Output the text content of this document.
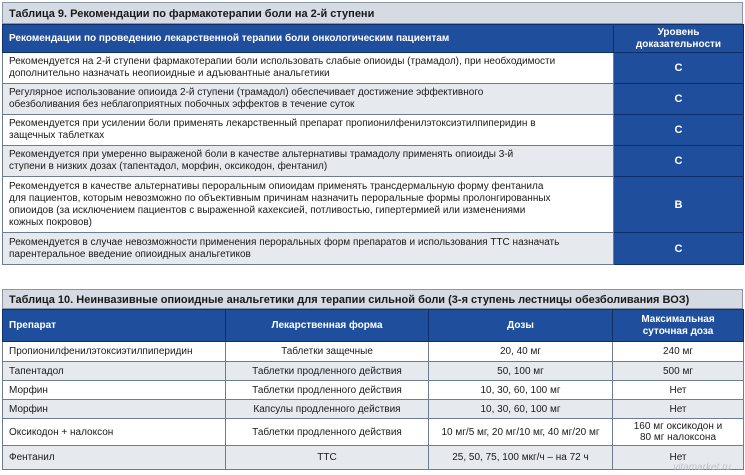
Таблица 9. Рекомендации по фармакотерапии боли на 2-й ступени
Рекомендации по проведению лекарственной терапии боли онкологическим пациентам	Уровень
доказательности

Рекомендуется на 2-й ступени фармакотерапии боли использовать слабые опиоиды (трамадол), при необходимости
дополнительно назначать неопиоидные и адъювантные анальгетики	C

Регулярное использование опиоида 2-й ступени (трамадол) обеспечивает достижение эффективного
обезболивания без неблагоприятных побочных эффектов в течение суток	C

Рекомендуется при усилении боли применять лекарственный препарат пропионилфенилэтоксиэтилпиперидин в
защечных таблетках	C

Рекомендуется при умеренно выраженой боли в качестве альтернативы трамадолу применять опиоиды 3-й
ступени в низких дозах (тапентадол, морфин, оксикодон, фентанил)	C

Рекомендуется в качестве альтернативы пероральным опиоидам применять трансдермальную форму фентанила
для пациентов, которым невозможно по объективным причинам назначить пероральные формы пролонгированных
опиоидов (за исключением пациентов с выраженной кахексией, потливостью, гипертермией или изменениями
кожных покровов)	B

Рекомендуется в случае невозможности применения пероральных форм препаратов и использования ТТС назначать
парентеральное введение опиоидных анальгетиков	C
Таблица 10. Неинвазивные опиоидные анальгетики для терапии сильной боли (3-я ступень лестницы обезболивания ВОЗ)
Препарат	Лекарственная форма	Дозы	Максимальная
суточная доза

Пропионилфенилэтоксиэтилпиперидин	Таблетки защечные	20, 40 мг	240 мг
Тапентадол	Таблетки продленного действия	50, 100 мг	500 мг
Морфин	Таблетки продленного действия	10, 30, 60, 100 мг	Нет
Морфин	Капсулы продленного действия	10, 30, 60, 100 мг	Нет
Оксикодон + налоксон	Таблетки продленного действия	10 мг/5 мг, 20 мг/10 мг, 40 мг/20 мг	160 мг оксикодон и
80 мг налоксона

Фентанил	ТТС	25, 50, 75, 100 мкг/ч – на 72 ч	Нет
vitamarket.ru
